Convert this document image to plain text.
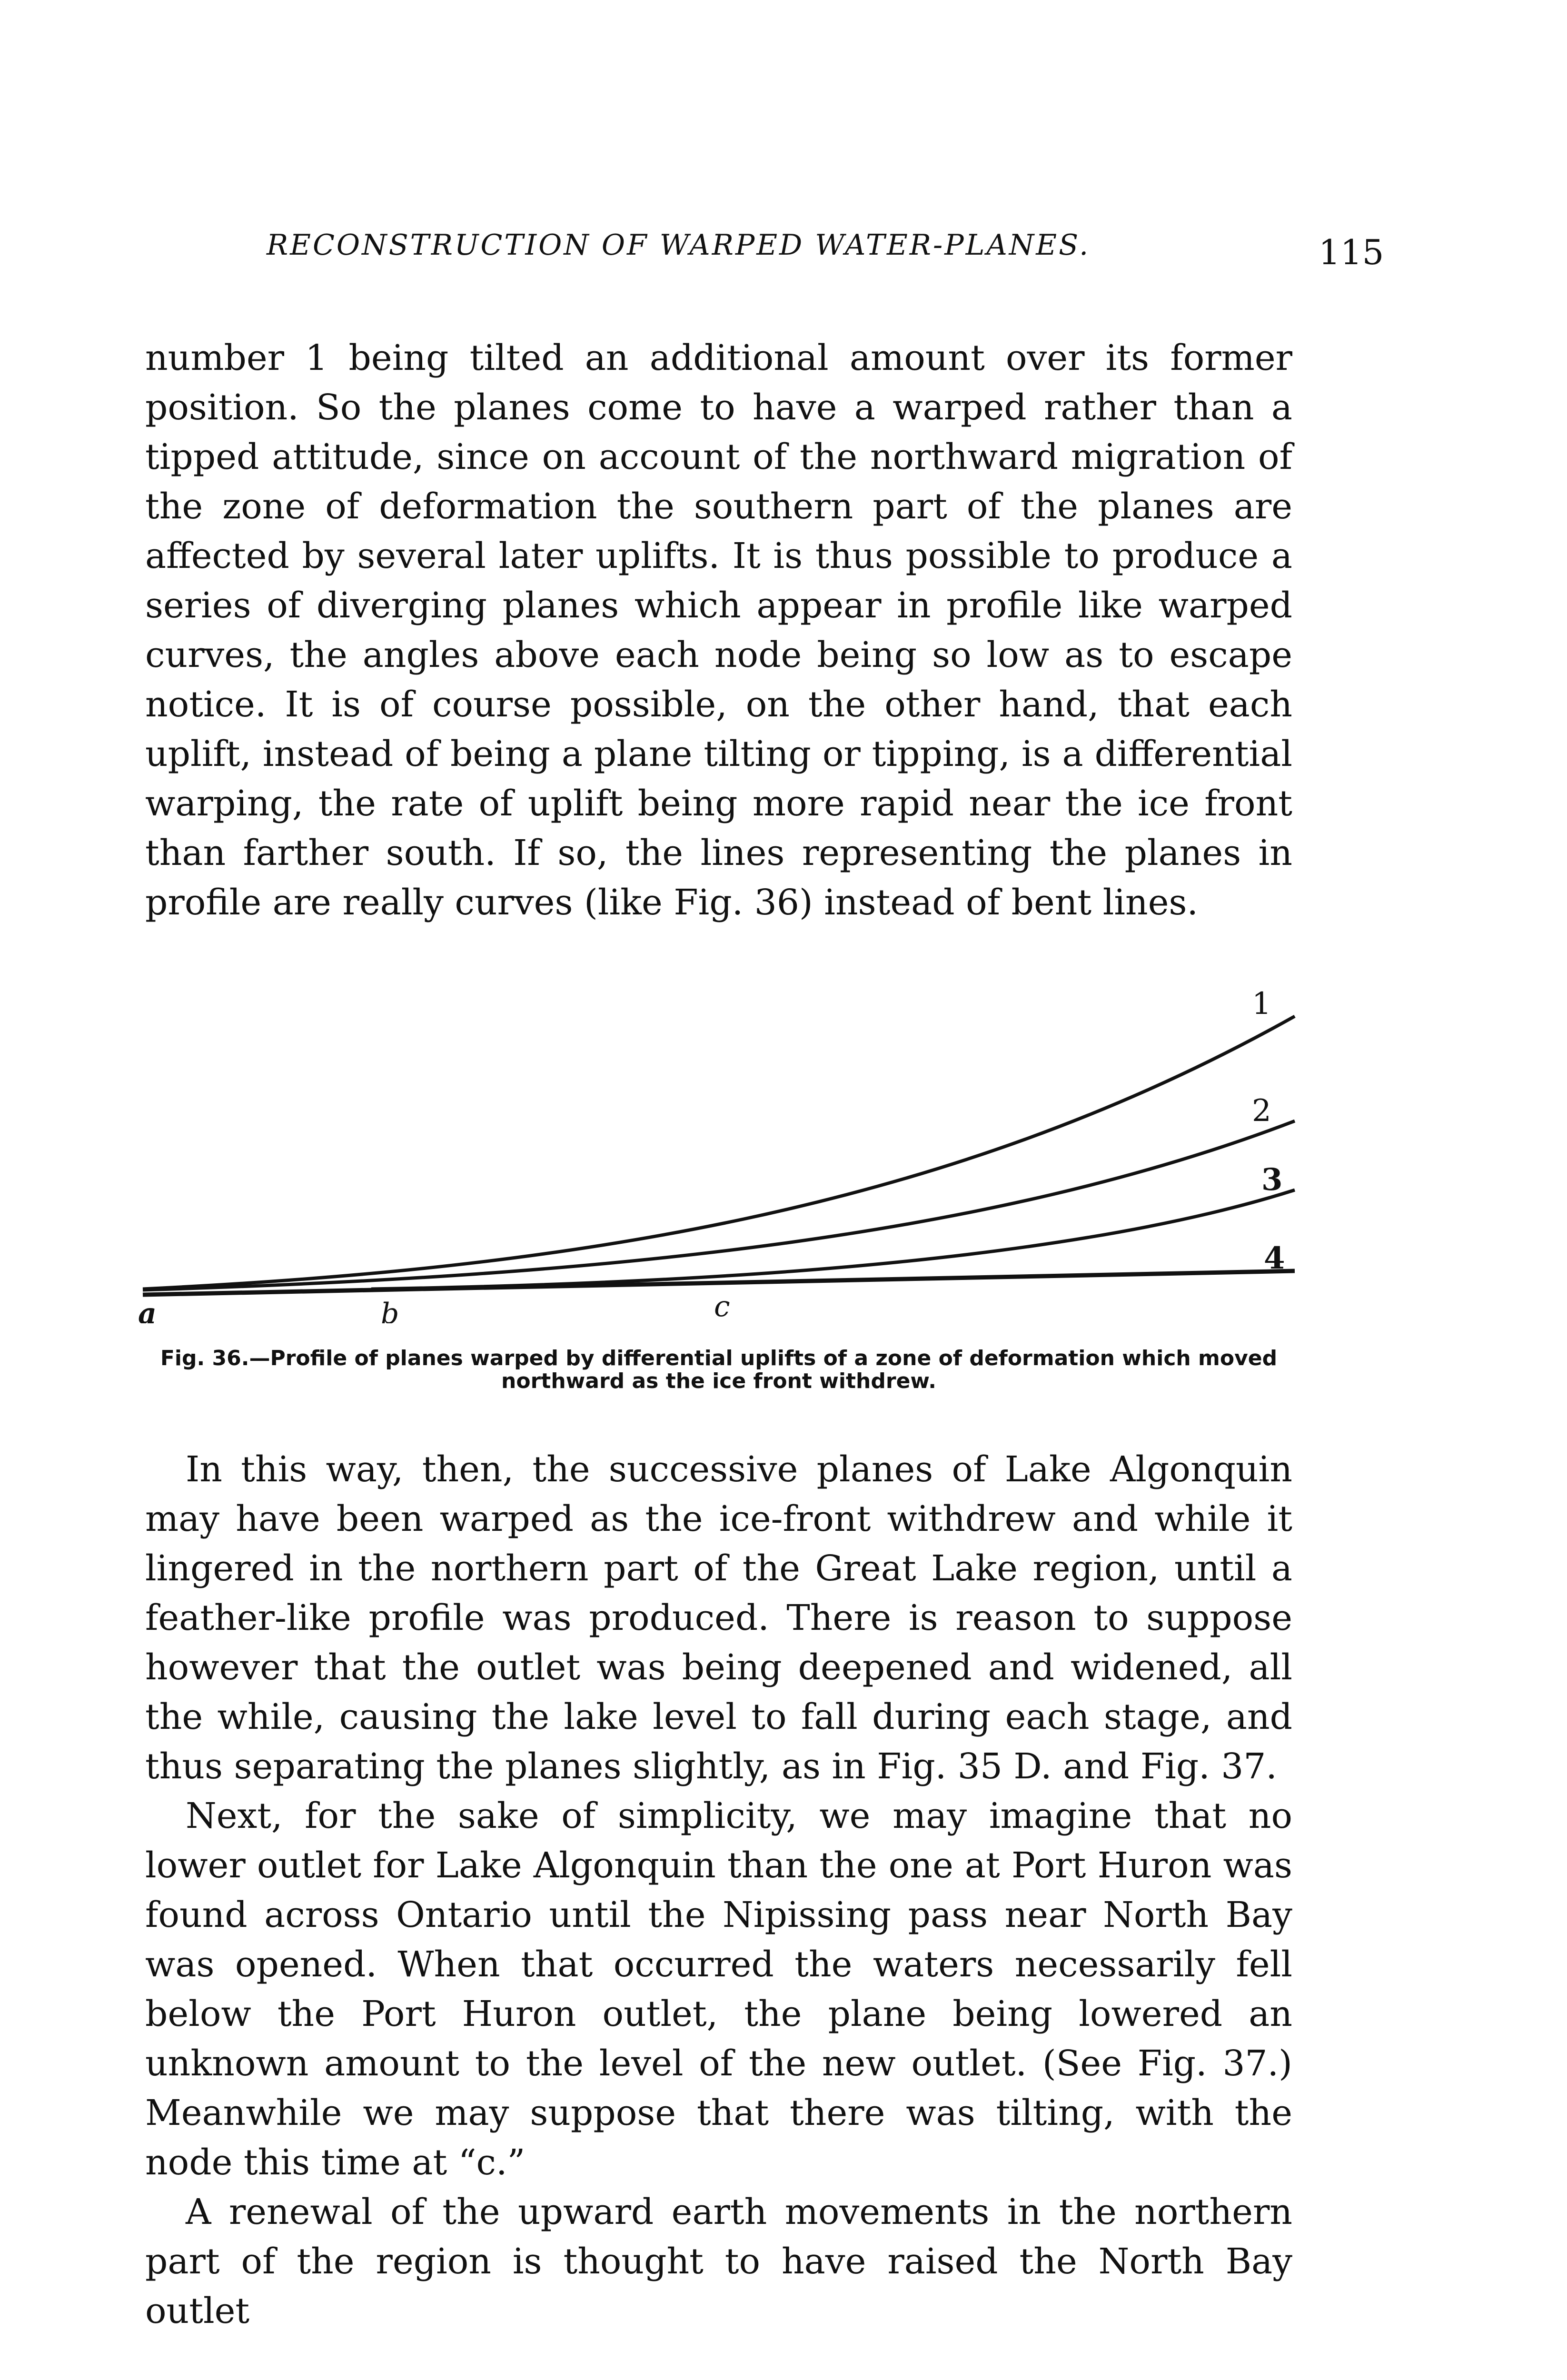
RECONSTRUCTION OF WARPED WATER-PLANES.	115

number 1 being tilted an additional amount over its former position. So the planes come to have a warped rather than a tipped attitude, since on account of the northward migration of the zone of deformation the southern part of the planes are affected by several later uplifts. It is thus possible to produce a series of diverging planes which appear in profile like warped curves, the angles above each node being so low as to escape notice. It is of course possible, on the other hand, that each uplift, instead of being a plane tilting or tipping, is a differential warping, the rate of uplift being more rapid near the ice front than farther south. If so, the lines representing the planes in profile are really curves (like Fig. 36) instead of bent lines.

1
2
3
4
a	b	c
Fig. 36.—Profile of planes warped by differential uplifts of a zone of deformation which moved northward as the ice front withdrew.

In this way, then, the successive planes of Lake Algonquin may have been warped as the ice-front withdrew and while it lingered in the northern part of the Great Lake region, until a feather-like profile was produced. There is reason to suppose however that the outlet was being deepened and widened, all the while, causing the lake level to fall during each stage, and thus separating the planes slightly, as in Fig. 35 D. and Fig. 37.

Next, for the sake of simplicity, we may imagine that no lower outlet for Lake Algonquin than the one at Port Huron was found across Ontario until the Nipissing pass near North Bay was opened. When that occurred the waters necessarily fell below the Port Huron outlet, the plane being lowered an unknown amount to the level of the new outlet. (See Fig. 37.) Meanwhile we may suppose that there was tilting, with the node this time at “c.”

A renewal of the upward earth movements in the northern part of the region is thought to have raised the North Bay outlet
